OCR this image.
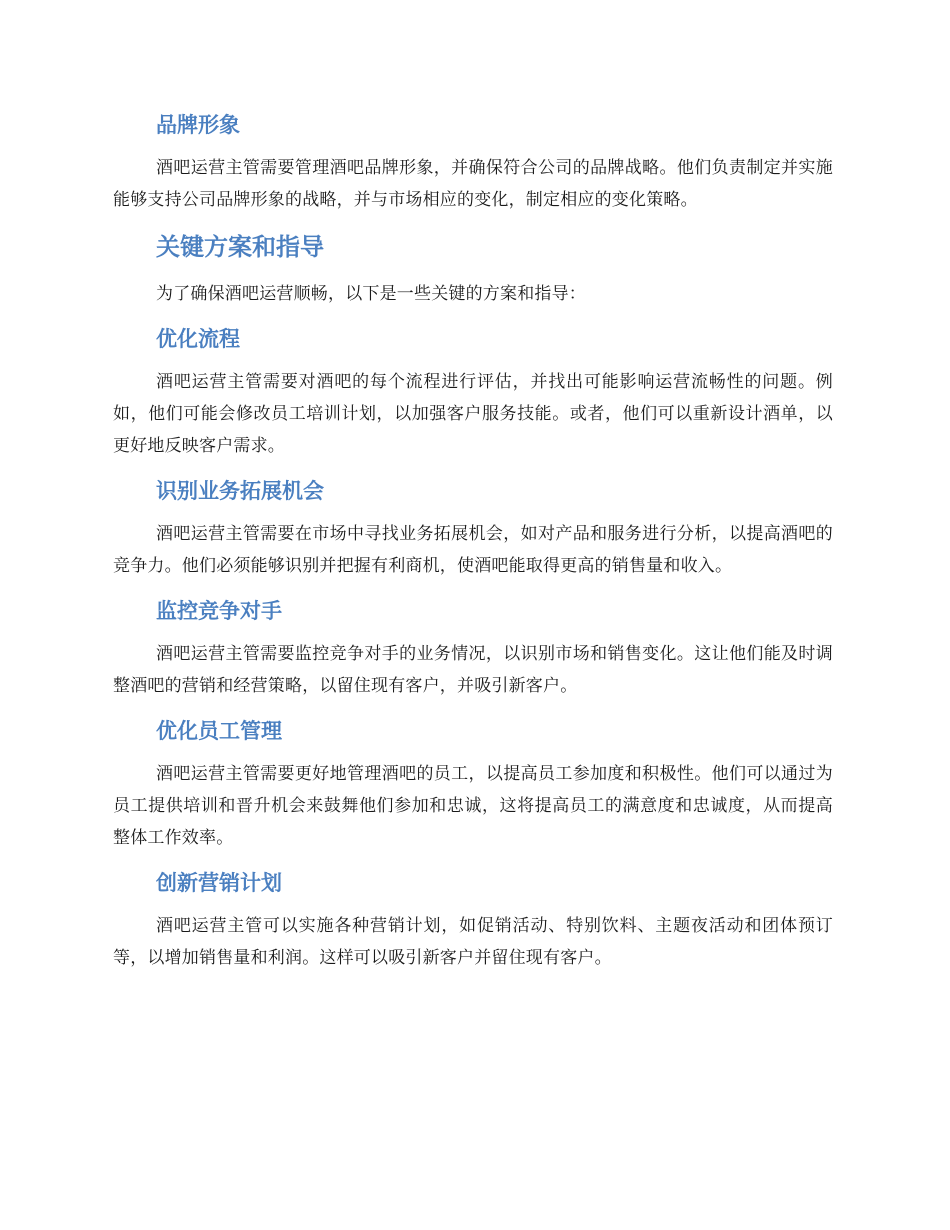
品牌形象

酒吧运营主管需要管理酒吧品牌形象，并确保符合公司的品牌战略。他们负责制定并实施能够支持公司品牌形象的战略，并与市场相应的变化，制定相应的变化策略。

关键方案和指导

为了确保酒吧运营顺畅，以下是一些关键的方案和指导：

优化流程

酒吧运营主管需要对酒吧的每个流程进行评估，并找出可能影响运营流畅性的问题。例如，他们可能会修改员工培训计划，以加强客户服务技能。或者，他们可以重新设计酒单，以更好地反映客户需求。

识别业务拓展机会

酒吧运营主管需要在市场中寻找业务拓展机会，如对产品和服务进行分析，以提高酒吧的竞争力。他们必须能够识别并把握有利商机，使酒吧能取得更高的销售量和收入。

监控竞争对手

酒吧运营主管需要监控竞争对手的业务情况，以识别市场和销售变化。这让他们能及时调整酒吧的营销和经营策略，以留住现有客户，并吸引新客户。

优化员工管理

酒吧运营主管需要更好地管理酒吧的员工，以提高员工参加度和积极性。他们可以通过为员工提供培训和晋升机会来鼓舞他们参加和忠诚，这将提高员工的满意度和忠诚度，从而提高整体工作效率。

创新营销计划

酒吧运营主管可以实施各种营销计划，如促销活动、特别饮料、主题夜活动和团体预订等，以增加销售量和利润。这样可以吸引新客户并留住现有客户。
